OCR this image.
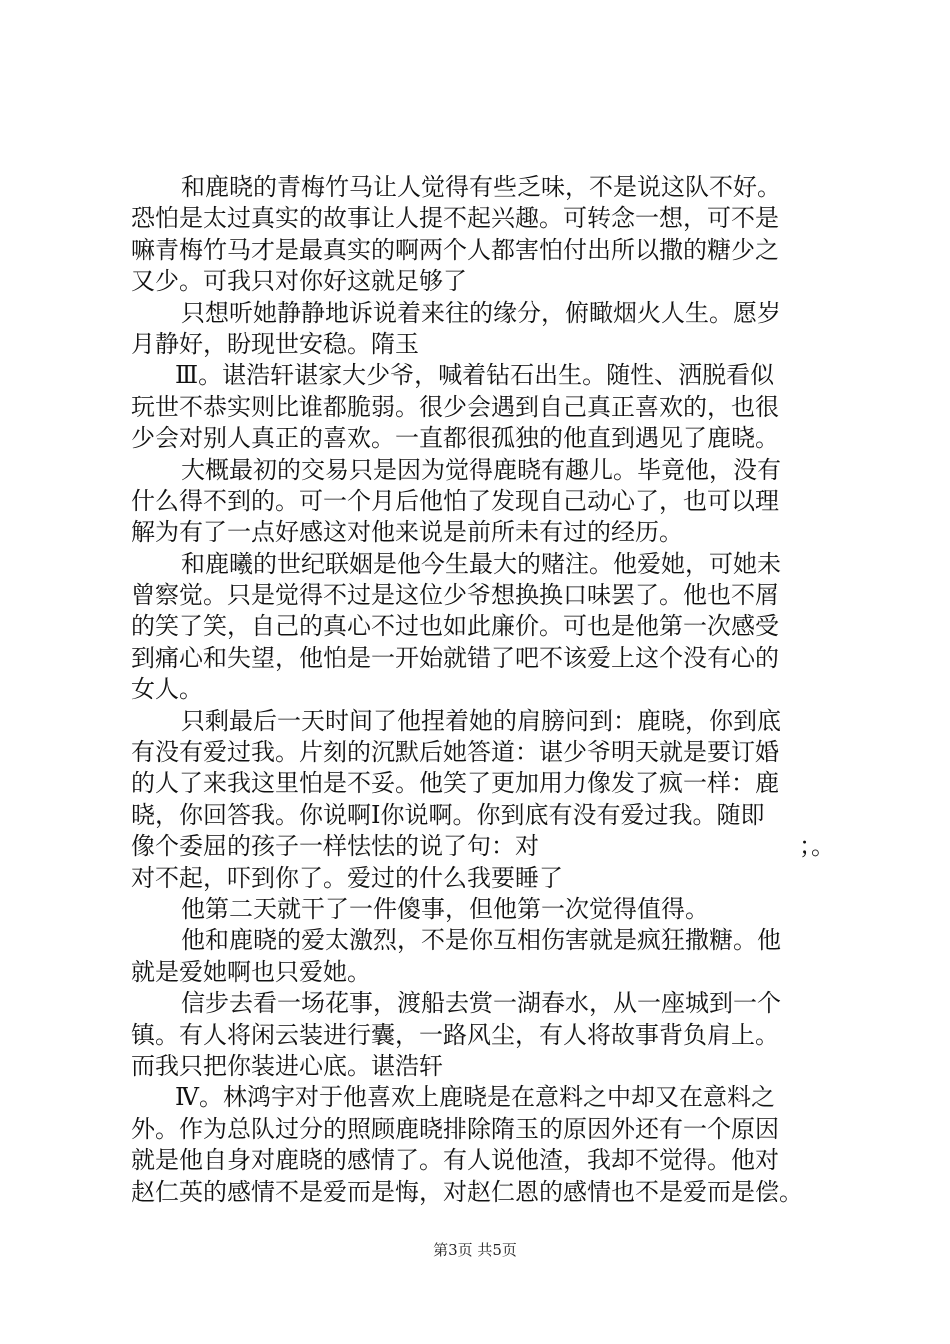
和鹿晓的青梅竹马让人觉得有些乏味，不是说这队不好。
恐怕是太过真实的故事让人提不起兴趣。可转念一想，可不是
嘛青梅竹马才是最真实的啊两个人都害怕付出所以撒的糖少之
又少。可我只对你好这就足够了
只想听她静静地诉说着来往的缘分，俯瞰烟火人生。愿岁
月静好，盼现世安稳。隋玉
Ⅲ。谌浩轩谌家大少爷，喊着钻石出生。随性、洒脱看似
玩世不恭实则比谁都脆弱。很少会遇到自己真正喜欢的，也很
少会对别人真正的喜欢。一直都很孤独的他直到遇见了鹿晓。
大概最初的交易只是因为觉得鹿晓有趣儿。毕竟他，没有
什么得不到的。可一个月后他怕了发现自己动心了，也可以理
解为有了一点好感这对他来说是前所未有过的经历。
和鹿曦的世纪联姻是他今生最大的赌注。他爱她，可她未
曾察觉。只是觉得不过是这位少爷想换换口味罢了。他也不屑
的笑了笑，自己的真心不过也如此廉价。可也是他第一次感受
到痛心和失望，他怕是一开始就错了吧不该爱上这个没有心的
女人。
只剩最后一天时间了他捏着她的肩膀问到：鹿晓，你到底
有没有爱过我。片刻的沉默后她答道：谌少爷明天就是要订婚
的人了来我这里怕是不妥。他笑了更加用力像发了疯一样：鹿
晓，你回答我。你说啊Ⅰ你说啊。你到底有没有爱过我。随即
像个委屈的孩子一样怯怯的说了句：对	；。
对不起，吓到你了。爱过的什么我要睡了
他第二天就干了一件傻事，但他第一次觉得值得。
他和鹿晓的爱太激烈，不是你互相伤害就是疯狂撒糖。他
就是爱她啊也只爱她。
信步去看一场花事，渡船去赏一湖春水，从一座城到一个
镇。有人将闲云装进行囊，一路风尘，有人将故事背负肩上。
而我只把你装进心底。谌浩轩
Ⅳ。林鸿宇对于他喜欢上鹿晓是在意料之中却又在意料之
外。作为总队过分的照顾鹿晓排除隋玉的原因外还有一个原因
就是他自身对鹿晓的感情了。有人说他渣，我却不觉得。他对
赵仁英的感情不是爱而是悔，对赵仁恩的感情也不是爱而是偿。
第3页 共5页
